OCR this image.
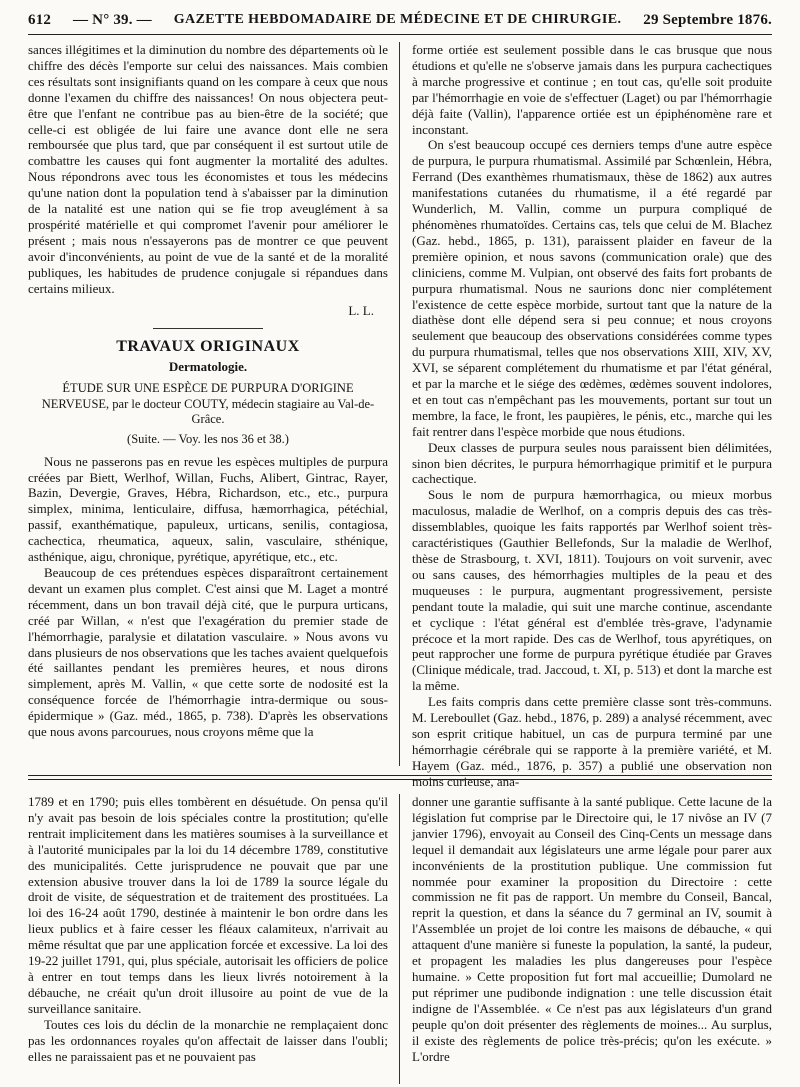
612 — N° 39. — GAZETTE HEBDOMADAIRE DE MÉDECINE ET DE CHIRURGIE. 29 Septembre 1876.

sances illégitimes et la diminution du nombre des départements où le chiffre des décès l'emporte sur celui des naissances. Mais combien ces résultats sont insignifiants quand on les compare à ceux que nous donne l'examen du chiffre des naissances! On nous objectera peut-être que l'enfant ne contribue pas au bien-être de la société; que celle-ci est obligée de lui faire une avance dont elle ne sera remboursée que plus tard, que par conséquent il est surtout utile de combattre les causes qui font augmenter la mortalité des adultes. Nous répondrons avec tous les économistes et tous les médecins qu'une nation dont la population tend à s'abaisser par la diminution de la natalité est une nation qui se fie trop aveuglément à sa prospérité matérielle et qui compromet l'avenir pour améliorer le présent ; mais nous n'essayerons pas de montrer ce que peuvent avoir d'inconvénients, au point de vue de la santé et de la moralité publiques, les habitudes de prudence conjugale si répandues dans certains milieux.

L. L.
TRAVAUX ORIGINAUX
Dermatologie.
ÉTUDE SUR UNE ESPÈCE DE PURPURA D'ORIGINE NERVEUSE, par le docteur COUTY, médecin stagiaire au Val-de-Grâce.
(Suite. — Voy. les nos 36 et 38.)

Nous ne passerons pas en revue les espèces multiples de purpura créées par Biett, Werlhof, Willan, Fuchs, Alibert, Gintrac, Rayer, Bazin, Devergie, Graves, Hébra, Richardson, etc., etc., purpura simplex, minima, lenticulaire, diffusa, hæmorrhagica, pétéchial, passif, exanthématique, papuleux, urticans, senilis, contagiosa, cachectica, rheumatica, aqueux, salin, vasculaire, sthénique, asthénique, aigu, chronique, pyrétique, apyrétique, etc., etc.

Beaucoup de ces prétendues espèces disparaîtront certainement devant un examen plus complet. C'est ainsi que M. Laget a montré récemment, dans un bon travail déjà cité, que le purpura urticans, créé par Willan, « n'est que l'exagération du premier stade de l'hémorrhagie, paralysie et dilatation vasculaire. » Nous avons vu dans plusieurs de nos observations que les taches avaient quelquefois été saillantes pendant les premières heures, et nous dirons simplement, après M. Vallin, « que cette sorte de nodosité est la conséquence forcée de l'hémorrhagie intra-dermique ou sous-épidermique » (Gaz. méd., 1865, p. 738). D'après les observations que nous avons parcourues, nous croyons même que la

forme ortiée est seulement possible dans le cas brusque que nous étudions et qu'elle ne s'observe jamais dans les purpura cachectiques à marche progressive et continue ; en tout cas, qu'elle soit produite par l'hémorrhagie en voie de s'effectuer (Laget) ou par l'hémorrhagie déjà faite (Vallin), l'apparence ortiée est un épiphénomène rare et inconstant.

On s'est beaucoup occupé ces derniers temps d'une autre espèce de purpura, le purpura rhumatismal. Assimilé par Schœnlein, Hébra, Ferrand (Des exanthèmes rhumatismaux, thèse de 1862) aux autres manifestations cutanées du rhumatisme, il a été regardé par Wunderlich, M. Vallin, comme un purpura compliqué de phénomènes rhumatoïdes. Certains cas, tels que celui de M. Blachez (Gaz. hebd., 1865, p. 131), paraissent plaider en faveur de la première opinion, et nous savons (communication orale) que des cliniciens, comme M. Vulpian, ont observé des faits fort probants de purpura rhumatismal. Nous ne saurions donc nier complétement l'existence de cette espèce morbide, surtout tant que la nature de la diathèse dont elle dépend sera si peu connue; et nous croyons seulement que beaucoup des observations considérées comme types du purpura rhumatismal, telles que nos observations XIII, XIV, XV, XVI, se séparent complétement du rhumatisme et par l'état général, et par la marche et le siége des œdèmes, œdèmes souvent indolores, et en tout cas n'empêchant pas les mouvements, portant sur tout un membre, la face, le front, les paupières, le pénis, etc., marche qui les fait rentrer dans l'espèce morbide que nous étudions.

Deux classes de purpura seules nous paraissent bien délimitées, sinon bien décrites, le purpura hémorrhagique primitif et le purpura cachectique.

Sous le nom de purpura hæmorrhagica, ou mieux morbus maculosus, maladie de Werlhof, on a compris depuis des cas très-dissemblables, quoique les faits rapportés par Werlhof soient très-caractéristiques (Gauthier Bellefonds, Sur la maladie de Werlhof, thèse de Strasbourg, t. XVI, 1811). Toujours on voit survenir, avec ou sans causes, des hémorrhagies multiples de la peau et des muqueuses : le purpura, augmentant progressivement, persiste pendant toute la maladie, qui suit une marche continue, ascendante et cyclique : l'état général est d'emblée très-grave, l'adynamie précoce et la mort rapide. Des cas de Werlhof, tous apyrétiques, on peut rapprocher une forme de purpura pyrétique étudiée par Graves (Clinique médicale, trad. Jaccoud, t. XI, p. 513) et dont la marche est la même.

Les faits compris dans cette première classe sont très-communs. M. Lereboullet (Gaz. hebd., 1876, p. 289) a analysé récemment, avec son esprit critique habituel, un cas de purpura terminé par une hémorrhagie cérébrale qui se rapporte à la première variété, et M. Hayem (Gaz. méd., 1876, p. 357) a publié une observation non moins curieuse, ana-

1789 et en 1790; puis elles tombèrent en désuétude. On pensa qu'il n'y avait pas besoin de lois spéciales contre la prostitution; qu'elle rentrait implicitement dans les matières soumises à la surveillance et à l'autorité municipales par la loi du 14 décembre 1789, constitutive des municipalités. Cette jurisprudence ne pouvait que par une extension abusive trouver dans la loi de 1789 la source légale du droit de visite, de séquestration et de traitement des prostituées. La loi des 16-24 août 1790, destinée à maintenir le bon ordre dans les lieux publics et à faire cesser les fléaux calamiteux, n'arrivait au même résultat que par une application forcée et excessive. La loi des 19-22 juillet 1791, qui, plus spéciale, autorisait les officiers de police à entrer en tout temps dans les lieux livrés notoirement à la débauche, ne créait qu'un droit illusoire au point de vue de la surveillance sanitaire.

Toutes ces lois du déclin de la monarchie ne remplaçaient donc pas les ordonnances royales qu'on affectait de laisser dans l'oubli; elles ne paraissaient pas et ne pouvaient pas

donner une garantie suffisante à la santé publique. Cette lacune de la législation fut comprise par le Directoire qui, le 17 nivôse an IV (7 janvier 1796), envoyait au Conseil des Cinq-Cents un message dans lequel il demandait aux législateurs une arme légale pour parer aux inconvénients de la prostitution publique. Une commission fut nommée pour examiner la proposition du Directoire : cette commission ne fit pas de rapport. Un membre du Conseil, Bancal, reprit la question, et dans la séance du 7 germinal an IV, soumit à l'Assemblée un projet de loi contre les maisons de débauche, « qui attaquent d'une manière si funeste la population, la santé, la pudeur, et propagent les maladies les plus dangereuses pour l'espèce humaine. » Cette proposition fut fort mal accueillie; Dumolard ne put réprimer une pudibonde indignation : une telle discussion était indigne de l'Assemblée. « Ce n'est pas aux législateurs d'un grand peuple qu'on doit présenter des règlements de moines... Au surplus, il existe des règlements de police très-précis; qu'on les exécute. » L'ordre
